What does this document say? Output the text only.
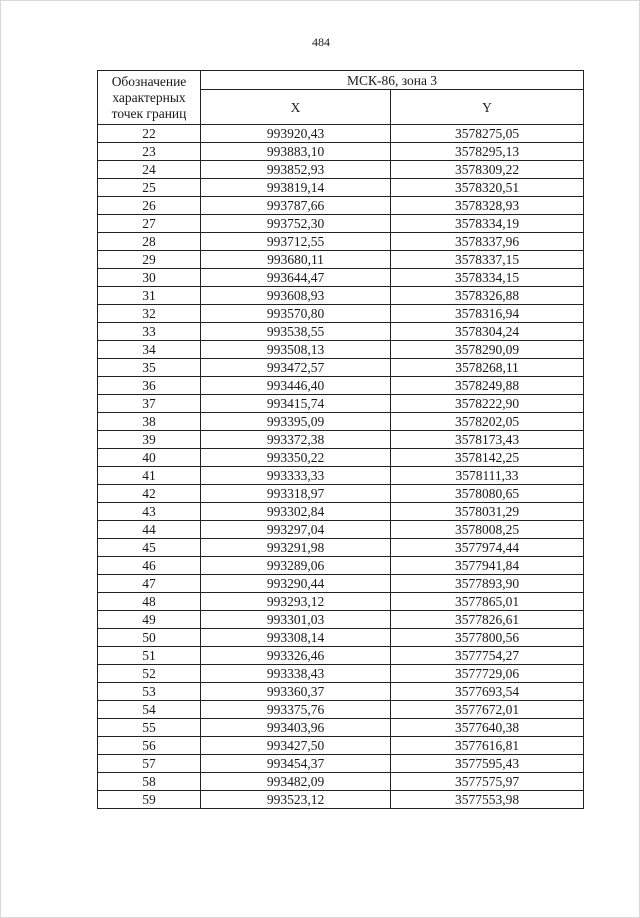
484
Обозначение характерных точек границ	МСК-86, зона 3	
	X	Y
22	993920,43	3578275,05
23	993883,10	3578295,13
24	993852,93	3578309,22
25	993819,14	3578320,51
26	993787,66	3578328,93
27	993752,30	3578334,19
28	993712,55	3578337,96
29	993680,11	3578337,15
30	993644,47	3578334,15
31	993608,93	3578326,88
32	993570,80	3578316,94
33	993538,55	3578304,24
34	993508,13	3578290,09
35	993472,57	3578268,11
36	993446,40	3578249,88
37	993415,74	3578222,90
38	993395,09	3578202,05
39	993372,38	3578173,43
40	993350,22	3578142,25
41	993333,33	3578111,33
42	993318,97	3578080,65
43	993302,84	3578031,29
44	993297,04	3578008,25
45	993291,98	3577974,44
46	993289,06	3577941,84
47	993290,44	3577893,90
48	993293,12	3577865,01
49	993301,03	3577826,61
50	993308,14	3577800,56
51	993326,46	3577754,27
52	993338,43	3577729,06
53	993360,37	3577693,54
54	993375,76	3577672,01
55	993403,96	3577640,38
56	993427,50	3577616,81
57	993454,37	3577595,43
58	993482,09	3577575,97
59	993523,12	3577553,98
